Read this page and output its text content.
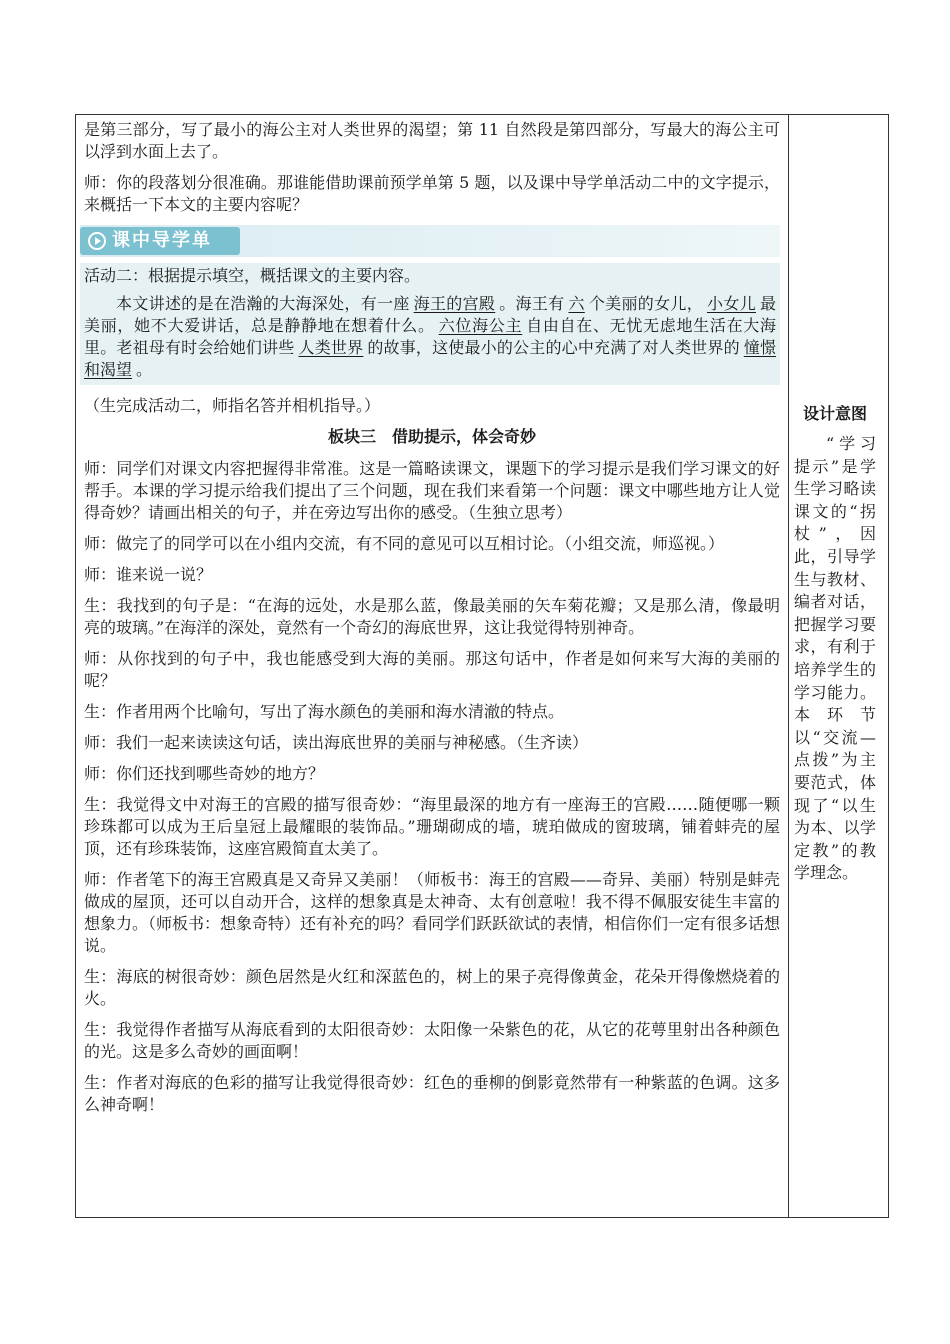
是第三部分，写了最小的海公主对人类世界的渴望；第 11 自然段是第四部分，写最大的海公主可以浮到水面上去了。

师：你的段落划分很准确。那谁能借助课前预学单第 5 题，以及课中导学单活动二中的文字提示，来概括一下本文的主要内容呢？

课中导学单

活动二：根据提示填空，概括课文的主要内容。

本文讲述的是在浩瀚的大海深处，有一座 海王的宫殿 。海王有 六 个美丽的女儿， 小女儿 最美丽，她不大爱讲话，总是静静地在想着什么。 六位海公主 自由自在、无忧无虑地生活在大海里。老祖母有时会给她们讲些 人类世界 的故事，这使最小的公主的心中充满了对人类世界的 憧憬和渴望 。

（生完成活动二，师指名答并相机指导。）

板块三　借助提示，体会奇妙

师：同学们对课文内容把握得非常准。这是一篇略读课文，课题下的学习提示是我们学习课文的好帮手。本课的学习提示给我们提出了三个问题，现在我们来看第一个问题：课文中哪些地方让人觉得奇妙？请画出相关的句子，并在旁边写出你的感受。（生独立思考）

师：做完了的同学可以在小组内交流，有不同的意见可以互相讨论。（小组交流，师巡视。）

师：谁来说一说？

生：我找到的句子是：“在海的远处，水是那么蓝，像最美丽的矢车菊花瓣；又是那么清，像最明亮的玻璃。”在海洋的深处，竟然有一个奇幻的海底世界，这让我觉得特别神奇。

师：从你找到的句子中，我也能感受到大海的美丽。那这句话中，作者是如何来写大海的美丽的呢？

生：作者用两个比喻句，写出了海水颜色的美丽和海水清澈的特点。

师：我们一起来读读这句话，读出海底世界的美丽与神秘感。（生齐读）

师：你们还找到哪些奇妙的地方？

生：我觉得文中对海王的宫殿的描写很奇妙：“海里最深的地方有一座海王的宫殿……随便哪一颗珍珠都可以成为王后皇冠上最耀眼的装饰品。”珊瑚砌成的墙，琥珀做成的窗玻璃，铺着蚌壳的屋顶，还有珍珠装饰，这座宫殿简直太美了。

师：作者笔下的海王宫殿真是又奇异又美丽！（师板书：海王的宫殿——奇异、美丽）特别是蚌壳做成的屋顶，还可以自动开合，这样的想象真是太神奇、太有创意啦！我不得不佩服安徒生丰富的想象力。（师板书：想象奇特）还有补充的吗？看同学们跃跃欲试的表情，相信你们一定有很多话想说。

生：海底的树很奇妙：颜色居然是火红和深蓝色的，树上的果子亮得像黄金，花朵开得像燃烧着的火。

生：我觉得作者描写从海底看到的太阳很奇妙：太阳像一朵紫色的花，从它的花萼里射出各种颜色的光。这是多么奇妙的画面啊！

生：作者对海底的色彩的描写让我觉得很奇妙：红色的垂柳的倒影竟然带有一种紫蓝的色调。这多么神奇啊！

设计意图

“学习提示”是学生学习略读课文的“拐杖”，因此，引导学生与教材、编者对话，把握学习要求，有利于培养学生的学习能力。本环节以“交流—点拨”为主要范式，体现了“以生为本、以学定教”的教学理念。
